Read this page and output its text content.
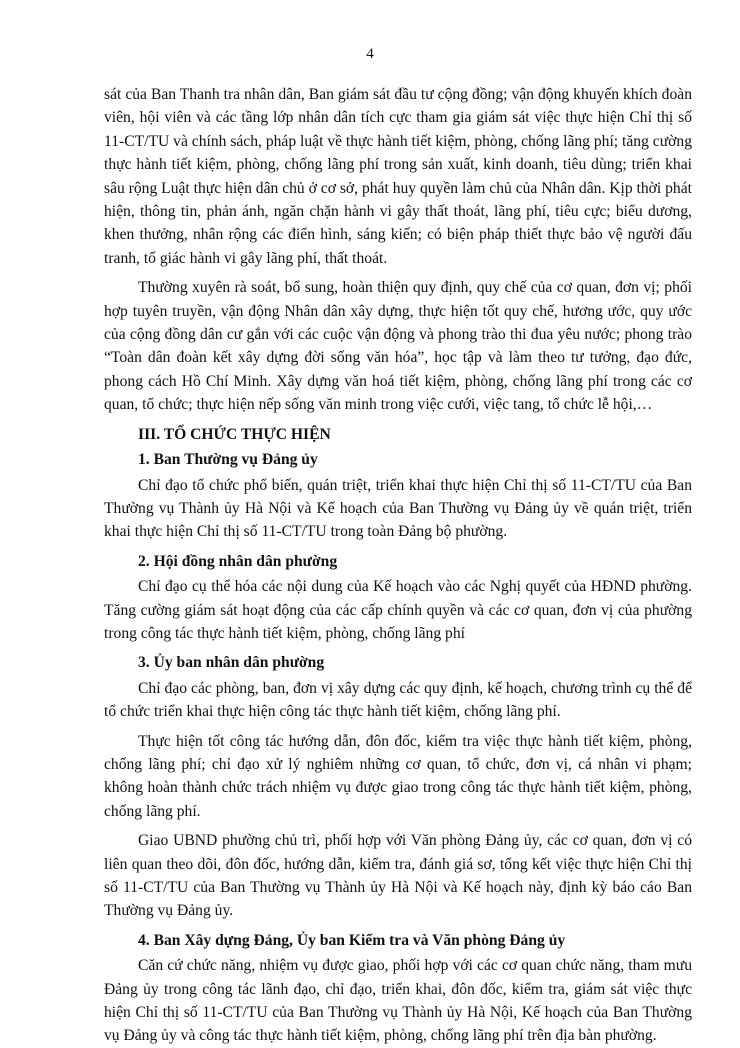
4

sát của Ban Thanh tra nhân dân, Ban giám sát đầu tư cộng đồng; vận động khuyến khích đoàn viên, hội viên và các tầng lớp nhân dân tích cực tham gia giám sát việc thực hiện Chỉ thị số 11-CT/TU và chính sách, pháp luật về thực hành tiết kiệm, phòng, chống lãng phí; tăng cường thực hành tiết kiệm, phòng, chống lãng phí trong sản xuất, kinh doanh, tiêu dùng; triển khai sâu rộng Luật thực hiện dân chủ ở cơ sở, phát huy quyền làm chủ của Nhân dân. Kịp thời phát hiện, thông tin, phản ánh, ngăn chặn hành vi gây thất thoát, lãng phí, tiêu cực; biểu dương, khen thưởng, nhân rộng các điển hình, sáng kiến; có biện pháp thiết thực bảo vệ người đấu tranh, tố giác hành vi gây lãng phí, thất thoát.

Thường xuyên rà soát, bổ sung, hoàn thiện quy định, quy chế của cơ quan, đơn vị; phối hợp tuyên truyền, vận động Nhân dân xây dựng, thực hiện tốt quy chế, hương ước, quy ước của cộng đồng dân cư gắn với các cuộc vận động và phong trào thi đua yêu nước; phong trào “Toàn dân đoàn kết xây dựng đời sống văn hóa”, học tập và làm theo tư tưởng, đạo đức, phong cách Hồ Chí Minh. Xây dựng văn hoá tiết kiệm, phòng, chống lãng phí trong các cơ quan, tổ chức; thực hiện nếp sống văn minh trong việc cưới, việc tang, tổ chức lễ hội,…

III. TỔ CHỨC THỰC HIỆN
1. Ban Thường vụ Đảng ủy

Chỉ đạo tổ chức phổ biến, quán triệt, triển khai thực hiện Chỉ thị số 11-CT/TU của Ban Thường vụ Thành ủy Hà Nội và Kế hoạch của Ban Thường vụ Đảng ủy về quán triệt, triển khai thực hiện Chỉ thị số 11-CT/TU trong toàn Đảng bộ phường.

2. Hội đồng nhân dân phường

Chỉ đạo cụ thể hóa các nội dung của Kế hoạch vào các Nghị quyết của HĐND phường. Tăng cường giám sát hoạt động của các cấp chính quyền và các cơ quan, đơn vị của phường trong công tác thực hành tiết kiệm, phòng, chống lãng phí

3. Ủy ban nhân dân phường

Chỉ đạo các phòng, ban, đơn vị xây dựng các quy định, kế hoạch, chương trình cụ thể để tổ chức triển khai thực hiện công tác thực hành tiết kiệm, chống lãng phí.

Thực hiện tốt công tác hướng dẫn, đôn đốc, kiểm tra việc thực hành tiết kiệm, phòng, chống lãng phí; chỉ đạo xử lý nghiêm những cơ quan, tổ chức, đơn vị, cá nhân vi phạm; không hoàn thành chức trách nhiệm vụ được giao trong công tác thực hành tiết kiệm, phòng, chống lãng phí.

Giao UBND phường chủ trì, phối hợp với Văn phòng Đảng ủy, các cơ quan, đơn vị có liên quan theo dõi, đôn đốc, hướng dẫn, kiểm tra, đánh giá sơ, tổng kết việc thực hiện Chỉ thị số 11-CT/TU của Ban Thường vụ Thành ủy Hà Nội và Kế hoạch này, định kỳ báo cáo Ban Thường vụ Đảng ủy.

4. Ban Xây dựng Đảng, Ủy ban Kiểm tra và Văn phòng Đảng ủy

Căn cứ chức năng, nhiệm vụ được giao, phối hợp với các cơ quan chức năng, tham mưu Đảng ủy trong công tác lãnh đạo, chỉ đạo, triển khai, đôn đốc, kiểm tra, giám sát việc thực hiện Chỉ thị số 11-CT/TU của Ban Thường vụ Thành ủy Hà Nội, Kế hoạch của Ban Thường vụ Đảng ủy và công tác thực hành tiết kiệm, phòng, chống lãng phí trên địa bàn phường.
